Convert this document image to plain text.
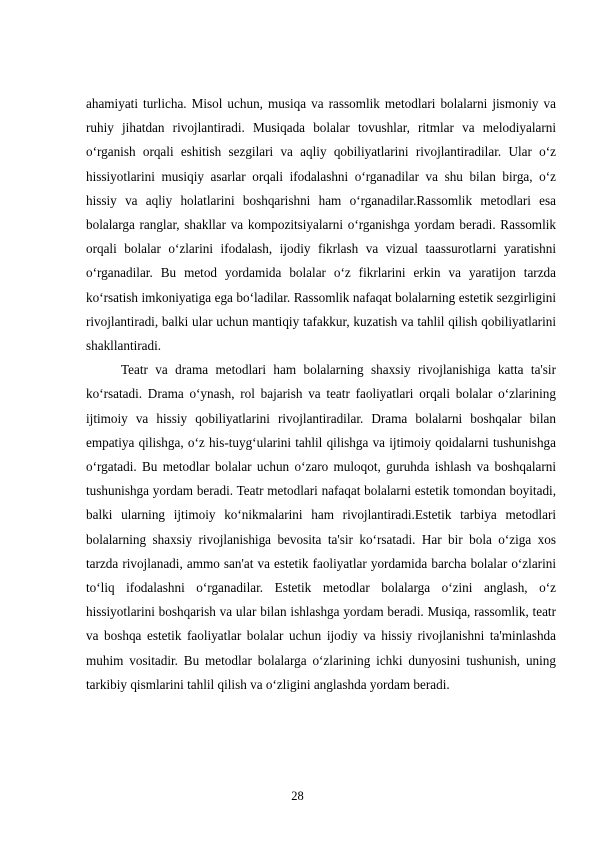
ahamiyati turlicha. Misol uchun, musiqa va rassomlik metodlari bolalarni jismoniy va ruhiy jihatdan rivojlantiradi. Musiqada bolalar tovushlar, ritmlar va melodiyalarni o‘rganish orqali eshitish sezgilari va aqliy qobiliyatlarini rivojlantiradilar. Ular o‘z hissiyotlarini musiqiy asarlar orqali ifodalashni o‘rganadilar va shu bilan birga, o‘z hissiy va aqliy holatlarini boshqarishni ham o‘rganadilar.Rassomlik metodlari esa bolalarga ranglar, shakllar va kompozitsiyalarni o‘rganishga yordam beradi. Rassomlik orqali bolalar o‘zlarini ifodalash, ijodiy fikrlash va vizual taassurotlarni yaratishni o‘rganadilar. Bu metod yordamida bolalar o‘z fikrlarini erkin va yaratijon tarzda ko‘rsatish imkoniyatiga ega bo‘ladilar. Rassomlik nafaqat bolalarning estetik sezgirligini rivojlantiradi, balki ular uchun mantiqiy tafakkur, kuzatish va tahlil qilish qobiliyatlarini shakllantiradi.

Teatr va drama metodlari ham bolalarning shaxsiy rivojlanishiga katta ta'sir ko‘rsatadi. Drama o‘ynash, rol bajarish va teatr faoliyatlari orqali bolalar o‘zlarining ijtimoiy va hissiy qobiliyatlarini rivojlantiradilar. Drama bolalarni boshqalar bilan empatiya qilishga, o‘z his-tuyg‘ularini tahlil qilishga va ijtimoiy qoidalarni tushunishga o‘rgatadi. Bu metodlar bolalar uchun o‘zaro muloqot, guruhda ishlash va boshqalarni tushunishga yordam beradi. Teatr metodlari nafaqat bolalarni estetik tomondan boyitadi, balki ularning ijtimoiy ko‘nikmalarini ham rivojlantiradi.Estetik tarbiya metodlari bolalarning shaxsiy rivojlanishiga bevosita ta'sir ko‘rsatadi. Har bir bola o‘ziga xos tarzda rivojlanadi, ammo san'at va estetik faoliyatlar yordamida barcha bolalar o‘zlarini to‘liq ifodalashni o‘rganadilar. Estetik metodlar bolalarga o‘zini anglash, o‘z hissiyotlarini boshqarish va ular bilan ishlashga yordam beradi. Musiqa, rassomlik, teatr va boshqa estetik faoliyatlar bolalar uchun ijodiy va hissiy rivojlanishni ta'minlashda muhim vositadir. Bu metodlar bolalarga o‘zlarining ichki dunyosini tushunish, uning tarkibiy qismlarini tahlil qilish va o‘zligini anglashda yordam beradi.

28
